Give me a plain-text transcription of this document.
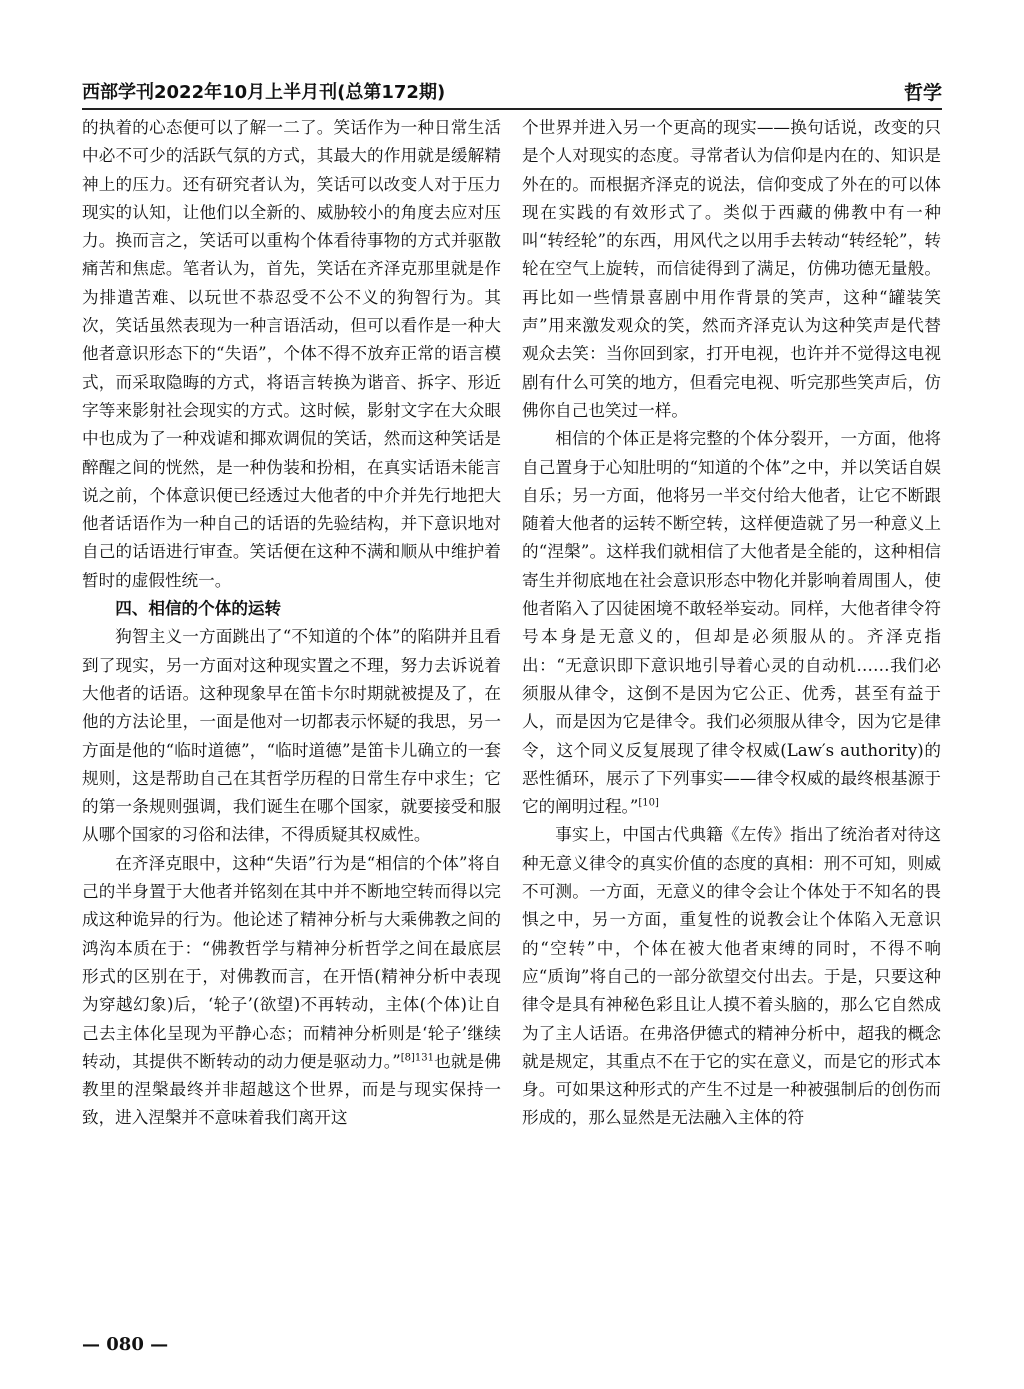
西部学刊2022年10月上半月刊(总第172期)	哲学

的执着的心态便可以了解一二了。笑话作为一种日常生活中必不可少的活跃气氛的方式，其最大的作用就是缓解精神上的压力。还有研究者认为，笑话可以改变人对于压力现实的认知，让他们以全新的、威胁较小的角度去应对压力。换而言之，笑话可以重构个体看待事物的方式并驱散痛苦和焦虑。笔者认为，首先，笑话在齐泽克那里就是作为排遣苦难、以玩世不恭忍受不公不义的狗智行为。其次，笑话虽然表现为一种言语活动，但可以看作是一种大他者意识形态下的“失语”，个体不得不放弃正常的语言模式，而采取隐晦的方式，将语言转换为谐音、拆字、形近字等来影射社会现实的方式。这时候，影射文字在大众眼中也成为了一种戏谑和揶欢调侃的笑话，然而这种笑话是醉醒之间的恍然，是一种伪装和扮相，在真实话语未能言说之前，个体意识便已经透过大他者的中介并先行地把大他者话语作为一种自己的话语的先验结构，并下意识地对自己的话语进行审查。笑话便在这种不满和顺从中维护着暂时的虚假性统一。

四、相信的个体的运转

狗智主义一方面跳出了“不知道的个体”的陷阱并且看到了现实，另一方面对这种现实置之不理，努力去诉说着大他者的话语。这种现象早在笛卡尔时期就被提及了，在他的方法论里，一面是他对一切都表示怀疑的我思，另一方面是他的“临时道德”，“临时道德”是笛卡儿确立的一套规则，这是帮助自己在其哲学历程的日常生存中求生；它的第一条规则强调，我们诞生在哪个国家，就要接受和服从哪个国家的习俗和法律，不得质疑其权威性。

在齐泽克眼中，这种“失语”行为是“相信的个体”将自己的半身置于大他者并铭刻在其中并不断地空转而得以完成这种诡异的行为。他论述了精神分析与大乘佛教之间的鸿沟本质在于：“佛教哲学与精神分析哲学之间在最底层形式的区别在于，对佛教而言，在开悟(精神分析中表现为穿越幻象)后，‘轮子’(欲望)不再转动，主体(个体)让自己去主体化呈现为平静心态；而精神分析则是‘轮子’继续转动，其提供不断转动的动力便是驱动力。”$^{[8]131}$也就是佛教里的涅槃最终并非超越这个世界，而是与现实保持一致，进入涅槃并不意味着我们离开这

个世界并进入另一个更高的现实——换句话说，改变的只是个人对现实的态度。寻常者认为信仰是内在的、知识是外在的。而根据齐泽克的说法，信仰变成了外在的可以体现在实践的有效形式了。类似于西藏的佛教中有一种叫“转经轮”的东西，用风代之以用手去转动“转经轮”，转轮在空气上旋转，而信徒得到了满足，仿佛功德无量般。再比如一些情景喜剧中用作背景的笑声，这种“罐装笑声”用来激发观众的笑，然而齐泽克认为这种笑声是代替观众去笑：当你回到家，打开电视，也许并不觉得这电视剧有什么可笑的地方，但看完电视、听完那些笑声后，仿佛你自己也笑过一样。

相信的个体正是将完整的个体分裂开，一方面，他将自己置身于心知肚明的“知道的个体”之中，并以笑话自娱自乐；另一方面，他将另一半交付给大他者，让它不断跟随着大他者的运转不断空转，这样便造就了另一种意义上的“涅槃”。这样我们就相信了大他者是全能的，这种相信寄生并彻底地在社会意识形态中物化并影响着周围人，使他者陷入了囚徒困境不敢轻举妄动。同样，大他者律令符号本身是无意义的，但却是必须服从的。齐泽克指出：“无意识即下意识地引导着心灵的自动机……我们必须服从律令，这倒不是因为它公正、优秀，甚至有益于人，而是因为它是律令。我们必须服从律令，因为它是律令，这个同义反复展现了律令权威(Law′s authority)的恶性循环，展示了下列事实——律令权威的最终根基源于它的阐明过程。”[10]

事实上，中国古代典籍《左传》指出了统治者对待这种无意义律令的真实价值的态度的真相：刑不可知，则威不可测。一方面，无意义的律令会让个体处于不知名的畏惧之中，另一方面，重复性的说教会让个体陷入无意识的“空转”中，个体在被大他者束缚的同时，不得不响应“质询”将自己的一部分欲望交付出去。于是，只要这种律令是具有神秘色彩且让人摸不着头脑的，那么它自然成为了主人话语。在弗洛伊德式的精神分析中，超我的概念就是规定，其重点不在于它的实在意义，而是它的形式本身。可如果这种形式的产生不过是一种被强制后的创伤而形成的，那么显然是无法融入主体的符

— 080 —
